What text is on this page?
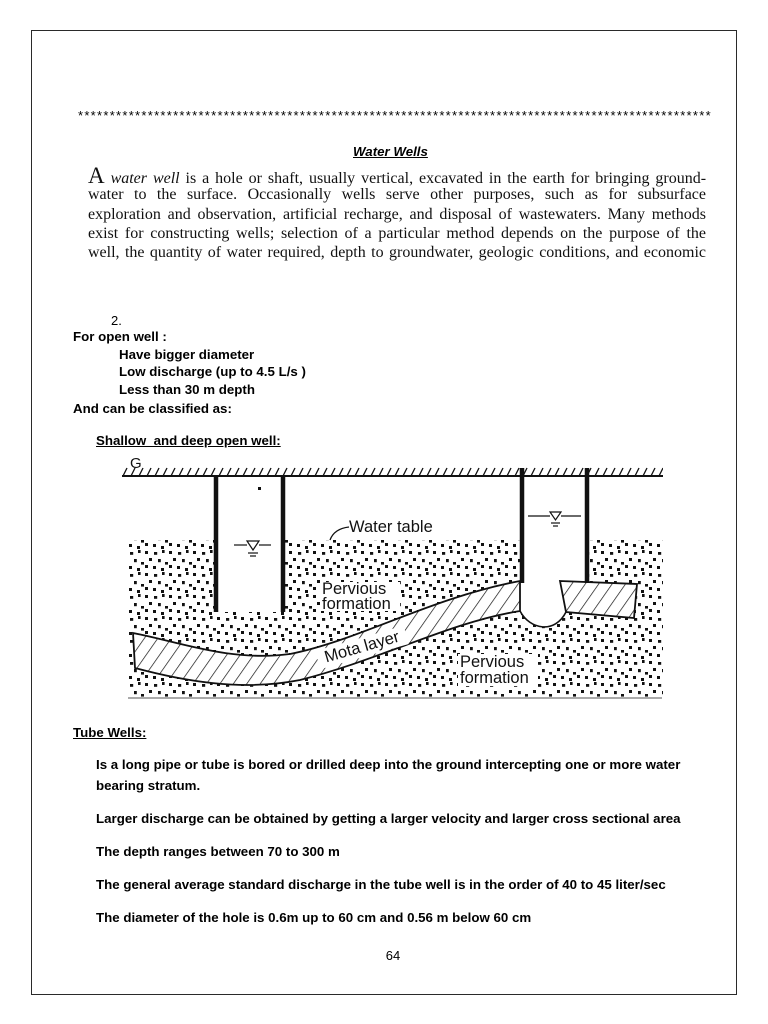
****************************************************************************************************
Water Wells
A water well is a hole or shaft, usually vertical, excavated in the earth for bringing ground-
water to the surface. Occasionally wells serve other purposes, such as for subsurface
exploration and observation, artificial recharge, and disposal of wastewaters. Many methods
exist for constructing wells; selection of a particular method depends on the purpose of the
well, the quantity of water required, depth to groundwater, geologic conditions, and economic
2.
For open well :
Have bigger diameter
Low discharge (up to 4.5 L/s )
Less than 30 m depth
And can be classified as:
Shallow  and deep open well:
G
Water table
Pervious formation
Mota layer	Pervious formation
Tube Wells:
Is a long pipe or tube is bored or drilled deep into the ground intercepting one or more water bearing stratum.
Larger discharge can be obtained by getting a larger velocity and larger cross sectional area
The depth ranges between 70 to 300 m
The general average standard discharge in the tube well is in the order of 40 to 45 liter/sec
The diameter of the hole is 0.6m up to 60 cm and 0.56 m below 60 cm
64
